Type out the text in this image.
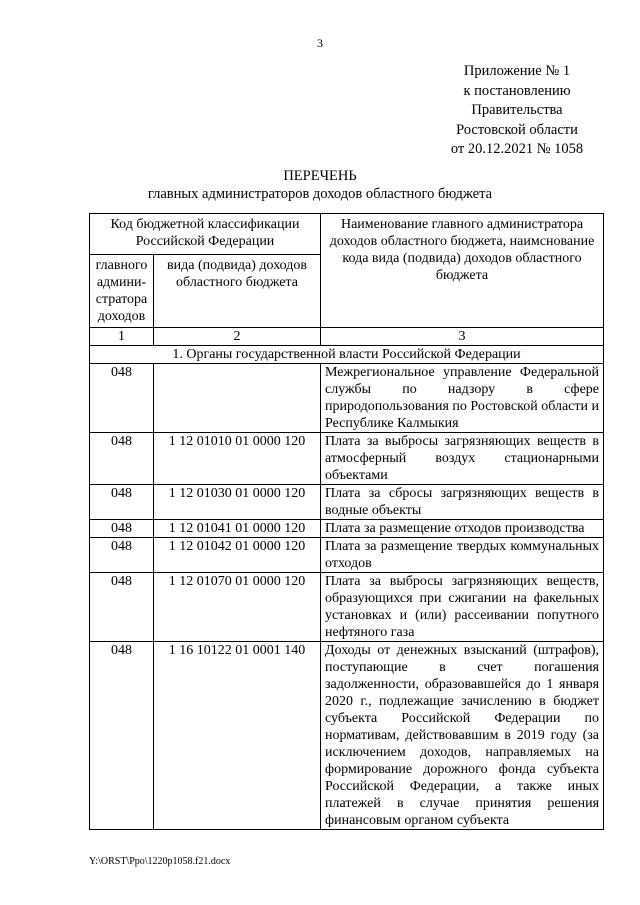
3
Приложение № 1
к постановлению
Правительства
Ростовской области
от 20.12.2021 № 1058
ПЕРЕЧЕНЬ
главных администраторов доходов областного бюджета
Код бюджетной классификации Российской Федерации		Наименование главного администратора доходов областного бюджета, наимснование кода вида (подвида) доходов областного бюджета
главного админи-стратора доходов	вида (подвида) доходов областного бюджета	
1	2	3
1. Органы государственной власти Российской Федерации		
048		Межрегиональное управление Федеральной службы по надзору в сфере природопользования по Ростовской области и Республике Калмыкия
048	1 12 01010 01 0000 120	Плата за выбросы загрязняющих веществ в атмосферный воздух стационарными объектами
048	1 12 01030 01 0000 120	Плата за сбросы загрязняющих веществ в водные объекты
048	1 12 01041 01 0000 120	Плата за размещение отходов производства
048	1 12 01042 01 0000 120	Плата за размещение твердых коммунальных отходов
048	1 12 01070 01 0000 120	Плата за выбросы загрязняющих веществ, образующихся при сжигании на факельных установках и (или) рассеивании попутного нефтяного газа
048	1 16 10122 01 0001 140	Доходы от денежных взысканий (штрафов), поступающие в счет погашения задолженности, образовавшейся до 1 января 2020 г., подлежащие зачислению в бюджет субъекта Российской Федерации по нормативам, действовавшим в 2019 году (за исключением доходов, направляемых на формирование дорожного фонда субъекта Российской Федерации, а также иных платежей в случае принятия решения финансовым органом субъекта
Y:\ORST\Ppo\1220p1058.f21.docx
